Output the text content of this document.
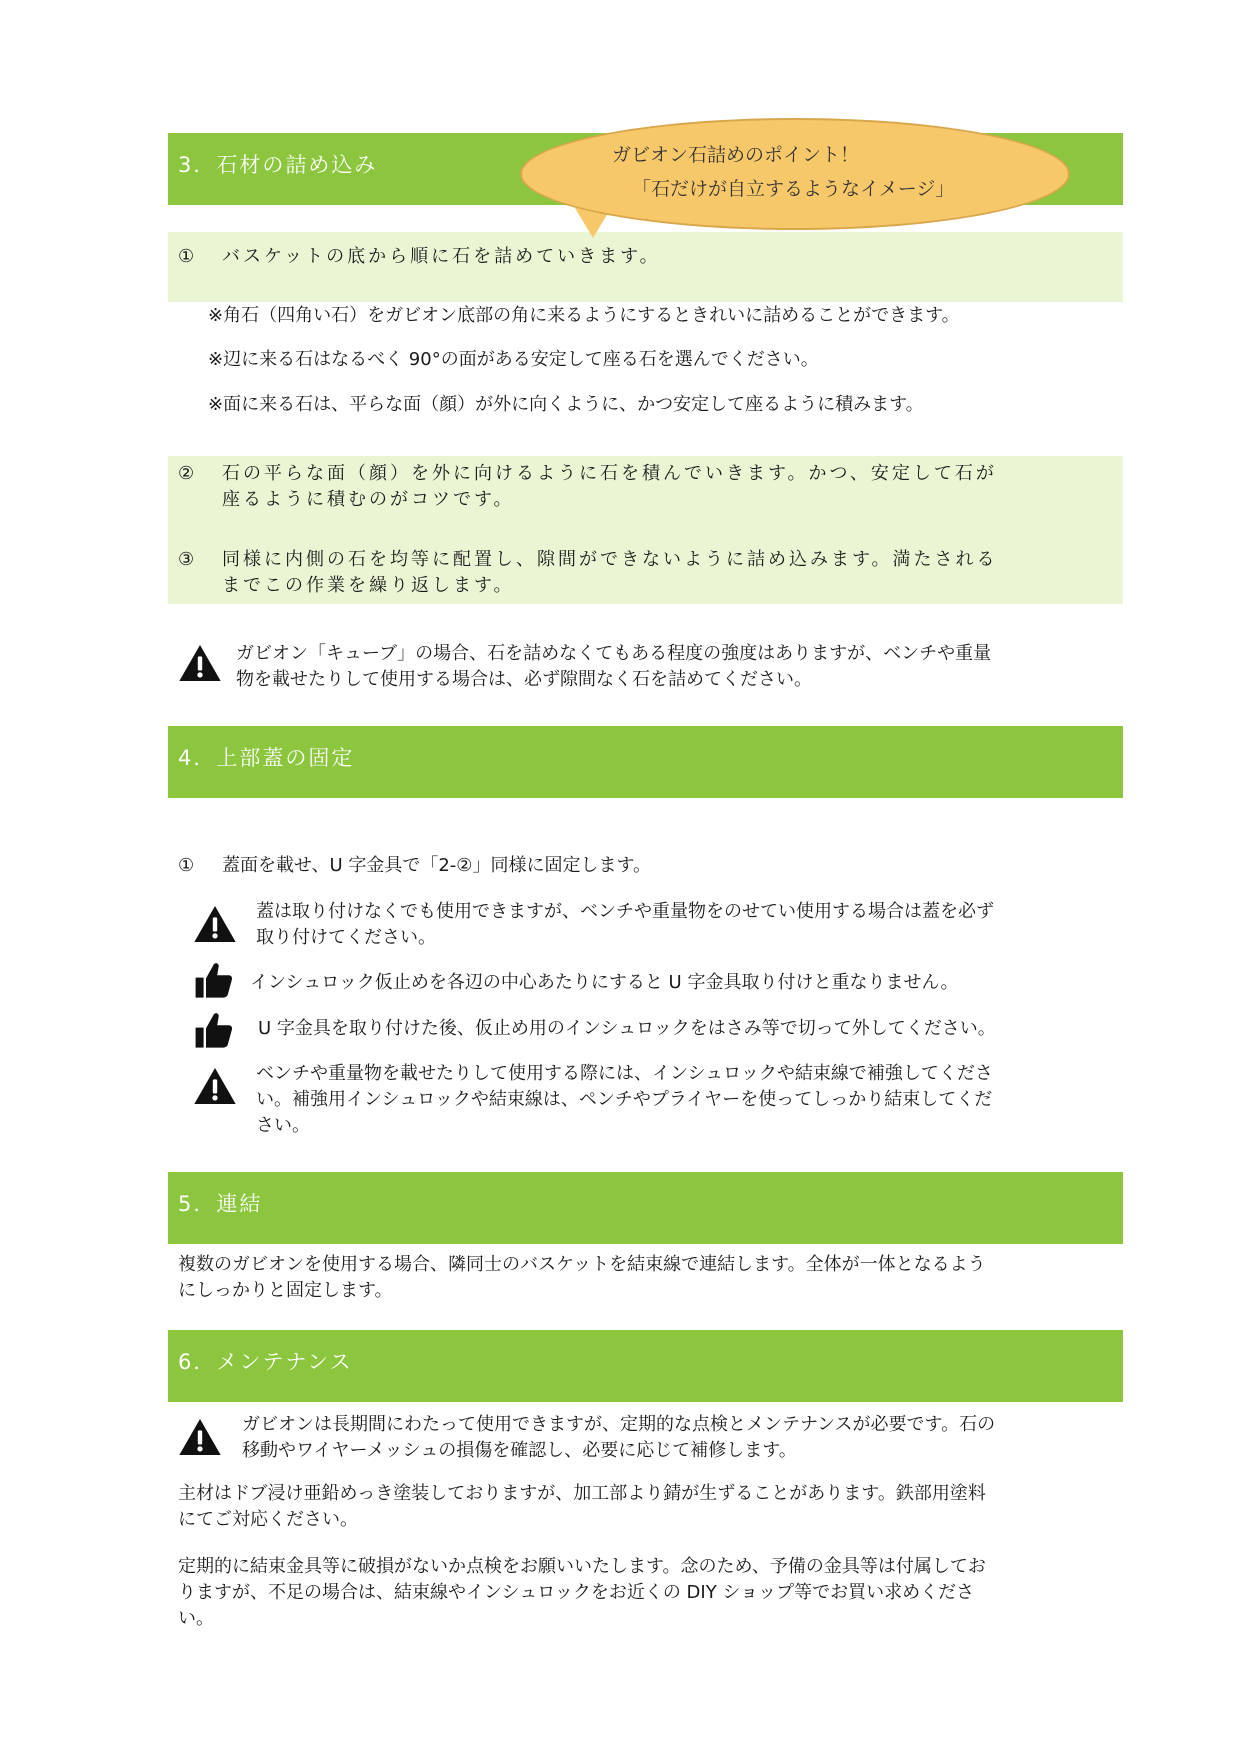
3．石材の詰め込み	ガビオン石詰めのポイント！
「石だけが自立するようなイメージ」
① バスケットの底から順に石を詰めていきます。
※角石（四角い石）をガビオン底部の角に来るようにするときれいに詰めることができます。
※辺に来る石はなるべく 90°の面がある安定して座る石を選んでください。
※面に来る石は、平らな面（顔）が外に向くように、かつ安定して座るように積みます。
② 石の平らな面（顔）を外に向けるように石を積んでいきます。かつ、安定して石が
座るように積むのがコツです。
③ 同様に内側の石を均等に配置し、隙間ができないように詰め込みます。満たされる
までこの作業を繰り返します。
ガビオン「キューブ」の場合、石を詰めなくてもある程度の強度はありますが、ベンチや重量
物を載せたりして使用する場合は、必ず隙間なく石を詰めてください。
4．上部蓋の固定
① 蓋面を載せ、U 字金具で「2-②」同様に固定します。
蓋は取り付けなくでも使用できますが、ベンチや重量物をのせてい使用する場合は蓋を必ず
取り付けてください。
インシュロック仮止めを各辺の中心あたりにすると U 字金具取り付けと重なりません。
U 字金具を取り付けた後、仮止め用のインシュロックをはさみ等で切って外してください。
ベンチや重量物を載せたりして使用する際には、インシュロックや結束線で補強してくださ
い。補強用インシュロックや結束線は、ペンチやプライヤーを使ってしっかり結束してくだ
さい。
5．連結
複数のガビオンを使用する場合、隣同士のバスケットを結束線で連結します。全体が一体となるよう
にしっかりと固定します。
6．メンテナンス
ガビオンは長期間にわたって使用できますが、定期的な点検とメンテナンスが必要です。石の
移動やワイヤーメッシュの損傷を確認し、必要に応じて補修します。
主材はドブ浸け亜鉛めっき塗装しておりますが、加工部より錆が生ずることがあります。鉄部用塗料
にてご対応ください。
定期的に結束金具等に破損がないか点検をお願いいたします。念のため、予備の金具等は付属してお
りますが、不足の場合は、結束線やインシュロックをお近くの DIY ショップ等でお買い求めくださ
い。
